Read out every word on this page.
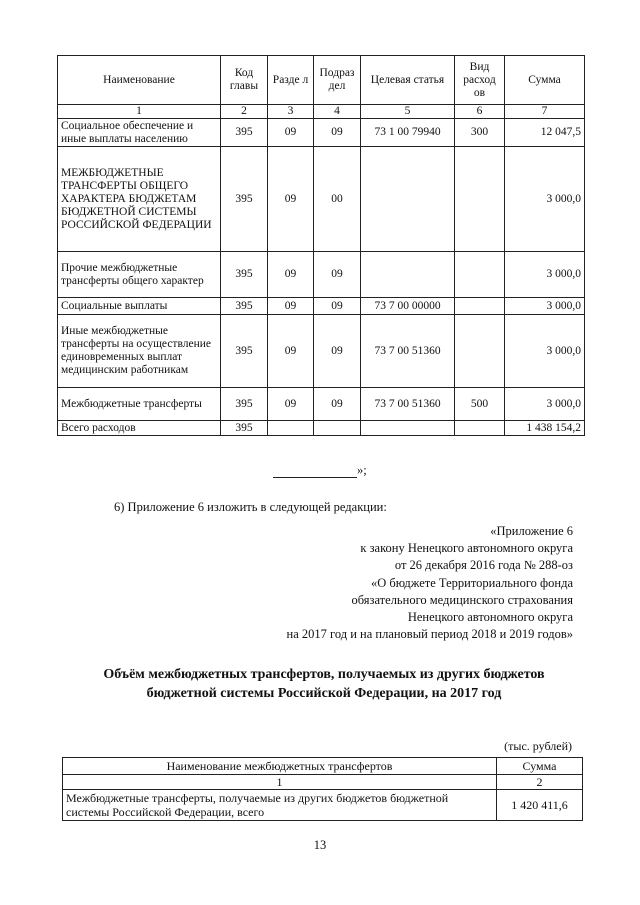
Наименование	Код главы	Разде л	Подраз дел	Целевая статья	Вид расход ов	Сумма
1	2	3	4	5	6	7
Социальное обеспечение и иные выплаты населению	395	09	09	73 1 00 79940	300	12 047,5
МЕЖБЮДЖЕТНЫЕ ТРАНСФЕРТЫ ОБЩЕГО ХАРАКТЕРА БЮДЖЕТАМ БЮДЖЕТНОЙ СИСТЕМЫ РОССИЙСКОЙ ФЕДЕРАЦИИ	395	09	00			3 000,0
Прочие межбюджетные трансферты общего характер	395	09	09			3 000,0
Социальные выплаты	395	09	09	73 7 00 00000		3 000,0
Иные межбюджетные трансферты на осуществление единовременных выплат медицинским работникам	395	09	09	73 7 00 51360		3 000,0
Межбюджетные трансферты	395	09	09	73 7 00 51360	500	3 000,0
Всего расходов	395					1 438 154,2
»;
6) Приложение 6 изложить в следующей редакции:
«Приложение 6
к закону Ненецкого автономного округа
от 26 декабря 2016 года № 288-оз
«О бюджете Территориального фонда
обязательного медицинского страхования
Ненецкого автономного округа
на 2017 год и на плановый период 2018 и 2019 годов»
Объём межбюджетных трансфертов, получаемых из других бюджетов
бюджетной системы Российской Федерации, на 2017 год
(тыс. рублей)
Наименование межбюджетных трансфертов	Сумма
1	2
Межбюджетные трансферты, получаемые из других бюджетов бюджетной системы Российской Федерации, всего	1 420 411,6
13
